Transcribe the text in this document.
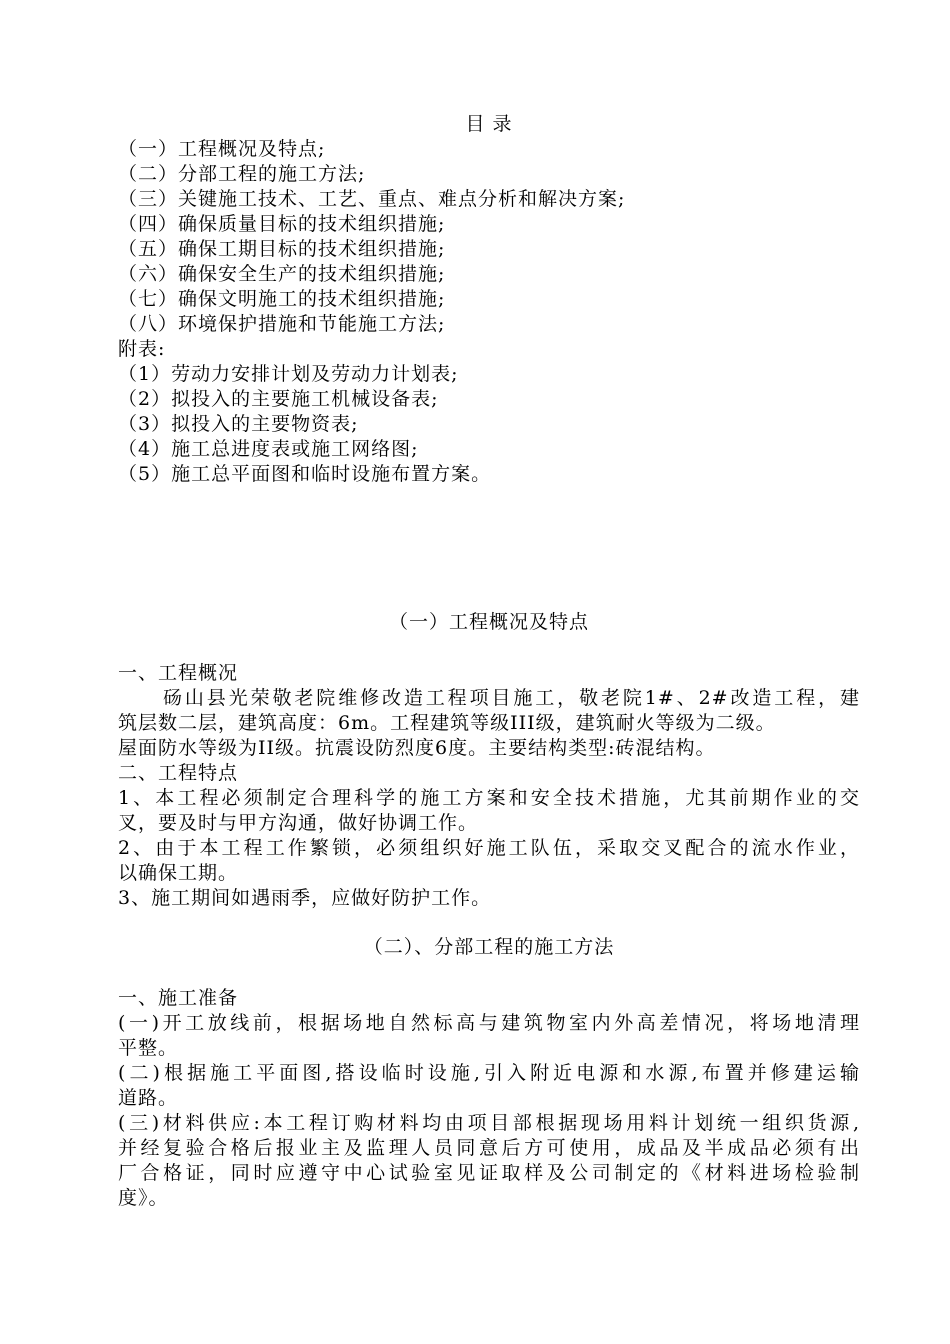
目 录
（一）工程概况及特点;
（二）分部工程的施工方法;
（三）关键施工技术、工艺、重点、难点分析和解决方案;
（四）确保质量目标的技术组织措施;
（五）确保工期目标的技术组织措施;
（六）确保安全生产的技术组织措施;
（七）确保文明施工的技术组织措施;
（八）环境保护措施和节能施工方法;
附表:
（1）劳动力安排计划及劳动力计划表;
（2）拟投入的主要施工机械设备表;
（3）拟投入的主要物资表;
（4）施工总进度表或施工网络图;
（5）施工总平面图和临时设施布置方案。
（一）工程概况及特点
一、工程概况
砀山县光荣敬老院维修改造工程项目施工，敬老院1#、2#改造工程，建
筑层数二层，建筑高度：6m。工程建筑等级III级，建筑耐火等级为二级。
屋面防水等级为II级。抗震设防烈度6度。主要结构类型:砖混结构。
二、工程特点
1、本工程必须制定合理科学的施工方案和安全技术措施，尤其前期作业的交
叉，要及时与甲方沟通，做好协调工作。
2、由于本工程工作繁锁，必须组织好施工队伍，采取交叉配合的流水作业，
以确保工期。
3、施工期间如遇雨季，应做好防护工作。
（二）、分部工程的施工方法
一、施工准备
(一)开工放线前，根据场地自然标高与建筑物室内外高差情况，将场地清理
平整。
(二)根据施工平面图,搭设临时设施,引入附近电源和水源,布置并修建运输
道路。
(三)材料供应:本工程订购材料均由项目部根据现场用料计划统一组织货源,
并经复验合格后报业主及监理人员同意后方可使用，成品及半成品必须有出
厂合格证，同时应遵守中心试验室见证取样及公司制定的《材料进场检验制
度》。
